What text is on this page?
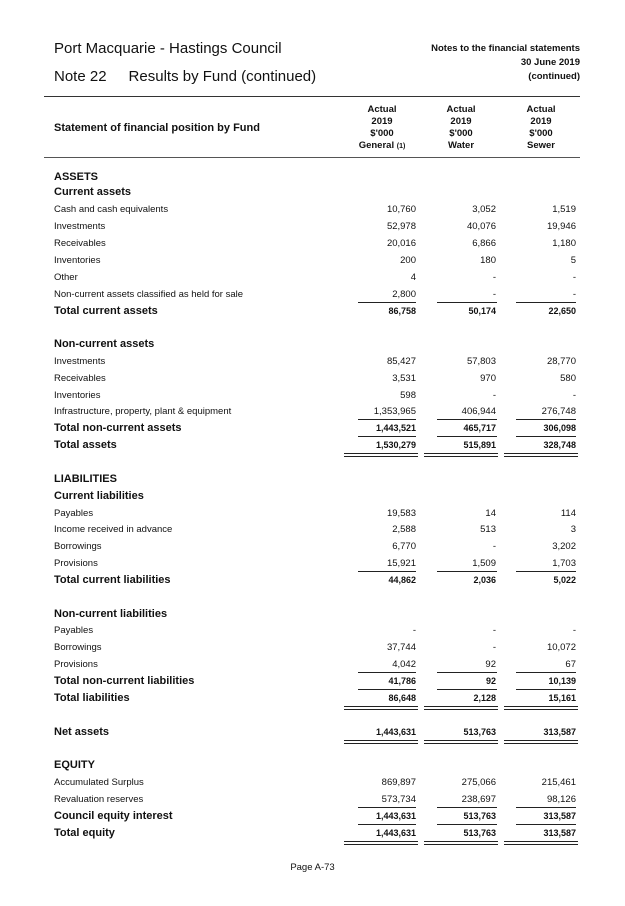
Port Macquarie - Hastings Council
Note 22 Results by Fund (continued)
Notes to the financial statements
30 June 2019
(continued)
Statement of financial position by Fund
Actual
2019
$'000
General (1)
Actual
2019
$'000
Water
Actual
2019
$'000
Sewer
ASSETS
Current assets
Cash and cash equivalents	10,760	3,052	1,519
Investments	52,978	40,076	19,946
Receivables	20,016	6,866	1,180
Inventories	200	180	5
Other	4	-	-
Non-current assets classified as held for sale	2,800	-	-
Total current assets	86,758	50,174	22,650
Non-current assets
Investments	85,427	57,803	28,770
Receivables	3,531	970	580
Inventories	598	-	-
Infrastructure, property, plant & equipment	1,353,965	406,944	276,748
Total non-current assets	1,443,521	465,717	306,098
Total assets	1,530,279	515,891	328,748
LIABILITIES
Current liabilities
Payables	19,583	14	114
Income received in advance	2,588	513	3
Borrowings	6,770	-	3,202
Provisions	15,921	1,509	1,703
Total current liabilities	44,862	2,036	5,022
Non-current liabilities
Payables	-	-	-
Borrowings	37,744	-	10,072
Provisions	4,042	92	67
Total non-current liabilities	41,786	92	10,139
Total liabilities	86,648	2,128	15,161
Net assets	1,443,631	513,763	313,587
EQUITY
Accumulated Surplus	869,897	275,066	215,461
Revaluation reserves	573,734	238,697	98,126
Council equity interest	1,443,631	513,763	313,587
Total equity	1,443,631	513,763	313,587
Page A-73
